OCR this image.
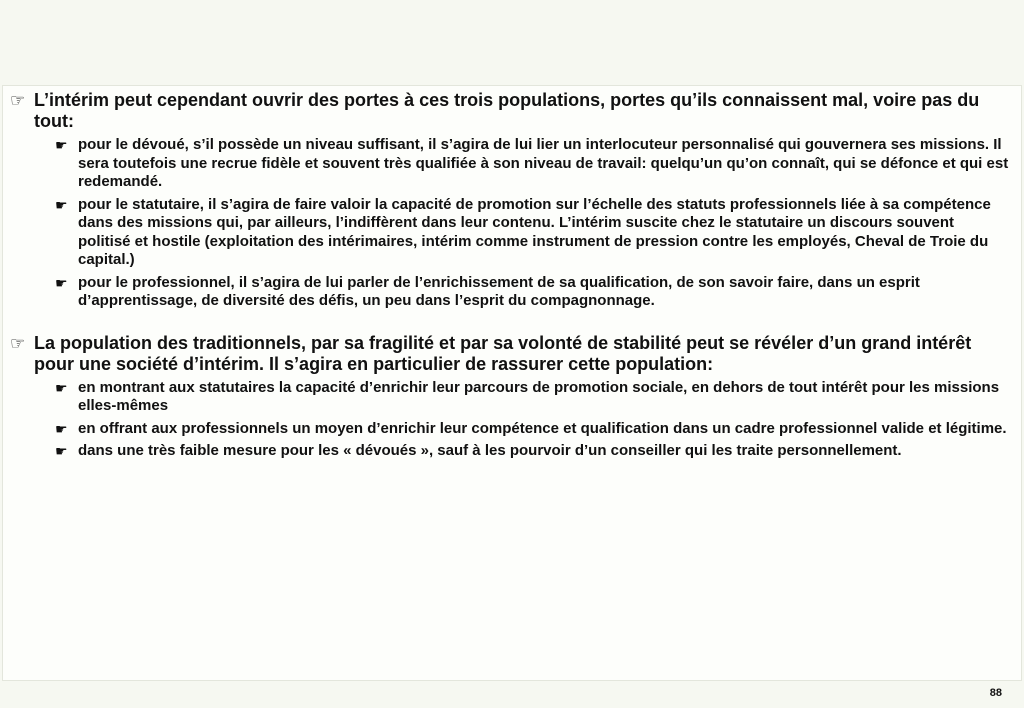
☞ L’intérim peut cependant ouvrir des portes à ces trois populations, portes qu’ils connaissent mal, voire pas du tout:

☛ pour le dévoué, s’il possède un niveau suffisant, il s’agira de lui lier un interlocuteur personnalisé qui gouvernera ses missions. Il sera toutefois une recrue fidèle et souvent très qualifiée à son niveau de travail: quelqu’un qu’on connaît, qui se défonce et qui est redemandé.

☛ pour le statutaire, il s’agira de faire valoir la capacité de promotion sur l’échelle des statuts professionnels liée à sa compétence dans des missions qui, par ailleurs, l’indiffèrent dans leur contenu. L’intérim suscite chez le statutaire un discours souvent politisé et hostile (exploitation des intérimaires, intérim comme instrument de pression contre les employés, Cheval de Troie du capital.)

☛ pour le professionnel, il s’agira de lui parler de l’enrichissement de sa qualification, de son savoir faire, dans un esprit d’apprentissage, de diversité des défis, un peu dans l’esprit du compagnonnage.

☞ La population des traditionnels, par sa fragilité et par sa volonté de stabilité peut se révéler d’un grand intérêt pour une société d’intérim. Il s’agira en particulier de rassurer cette population:

☛ en montrant aux statutaires la capacité d’enrichir leur parcours de promotion sociale, en dehors de tout intérêt pour les missions elles-mêmes

☛ en offrant aux professionnels un moyen d’enrichir leur compétence et qualification dans un cadre professionnel valide et légitime.

☛ dans une très faible mesure pour les « dévoués », sauf à les pourvoir d’un conseiller qui les traite personnellement.

88
